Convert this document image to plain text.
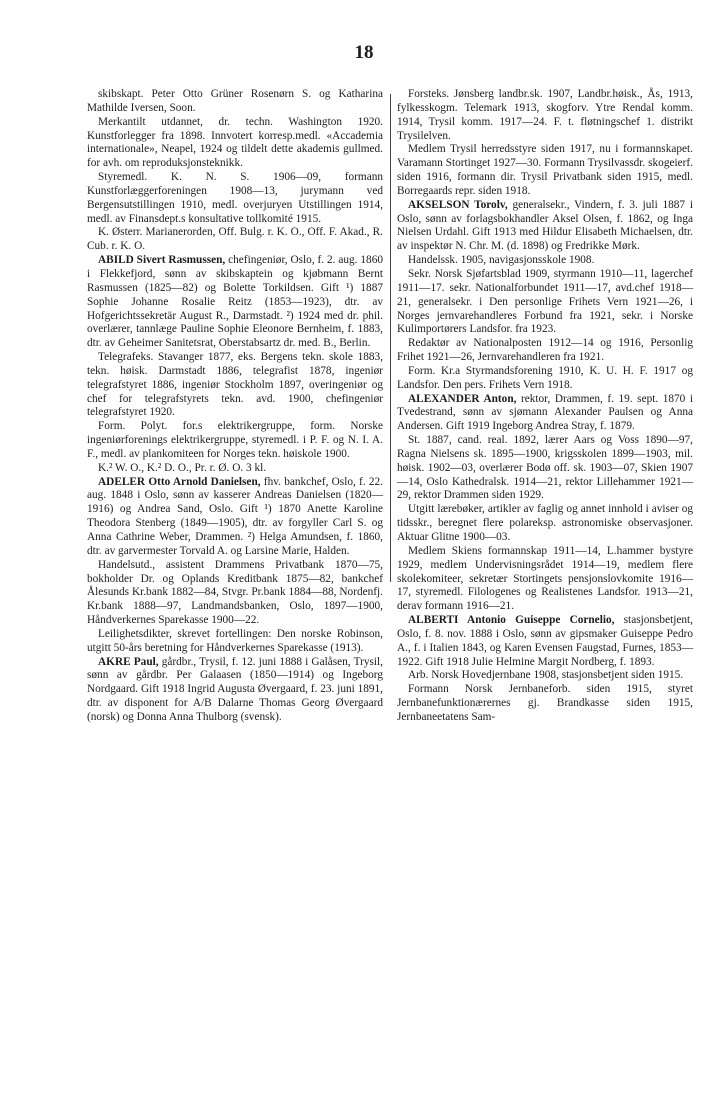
18

skibskapt. Peter Otto Grüner Rosenørn S. og Katharina Mathilde Iversen, Soon.

Merkantilt utdannet, dr. techn. Washington 1920. Kunstforlegger fra 1898. Innvotert korresp.medl. «Accademia internationale», Neapel, 1924 og tildelt dette akademis gullmed. for avh. om reproduksjonsteknikk.

Styremedl. K. N. S. 1906—09, formann Kunstforlæggerforeningen 1908—13, jurymann ved Bergensutstillingen 1910, medl. overjuryen Utstillingen 1914, medl. av Finansdept.s konsultative tollkomité 1915.

K. Østerr. Marianerorden, Off. Bulg. r. K. O., Off. F. Akad., R. Cub. r. K. O.

ABILD Sivert Rasmussen, chefingeniør, Oslo, f. 2. aug. 1860 i Flekkefjord, sønn av skibskaptein og kjøbmann Bernt Rasmussen (1825—82) og Bolette Torkildsen. Gift ¹) 1887 Sophie Johanne Rosalie Reitz (1853—1923), dtr. av Hofgerichtssekretär August R., Darmstadt. ²) 1924 med dr. phil. overlærer, tannlæge Pauline Sophie Eleonore Bernheim, f. 1883, dtr. av Geheimer Sanitetsrat, Oberstabsartz dr. med. B., Berlin.

Telegrafeks. Stavanger 1877, eks. Bergens tekn. skole 1883, tekn. høisk. Darmstadt 1886, telegrafist 1878, ingeniør telegrafstyret 1886, ingeniør Stockholm 1897, overingeniør og chef for telegrafstyrets tekn. avd. 1900, chefingeniør telegrafstyret 1920.

Form. Polyt. for.s elektrikergruppe, form. Norske ingeniørforenings elektrikergruppe, styremedl. i P. F. og N. I. A. F., medl. av plankomiteen for Norges tekn. høiskole 1900.

K.² W. O., K.² D. O., Pr. r. Ø. O. 3 kl.

ADELER Otto Arnold Danielsen, fhv. bankchef, Oslo, f. 22. aug. 1848 i Oslo, sønn av kasserer Andreas Danielsen (1820—1916) og Andrea Sand, Oslo. Gift ¹) 1870 Anette Karoline Theodora Stenberg (1849—1905), dtr. av forgyller Carl S. og Anna Cathrine Weber, Drammen. ²) Helga Amundsen, f. 1860, dtr. av garvermester Torvald A. og Larsine Marie, Halden.

Handelsutd., assistent Drammens Privatbank 1870—75, bokholder Dr. og Oplands Kreditbank 1875—82, bankchef Ålesunds Kr.bank 1882—84, Stvgr. Pr.bank 1884—88, Nordenfj. Kr.bank 1888—97, Landmandsbanken, Oslo, 1897—1900, Håndverkernes Sparekasse 1900—22.

Leilighetsdikter, skrevet fortellingen: Den norske Robinson, utgitt 50-års beretning for Håndverkernes Sparekasse (1913).

AKRE Paul, gårdbr., Trysil, f. 12. juni 1888 i Galåsen, Trysil, sønn av gårdbr. Per Galaasen (1850—1914) og Ingeborg Nordgaard. Gift 1918 Ingrid Augusta Øvergaard, f. 23. juni 1891, dtr. av disponent for A/B Dalarne Thomas Georg Øvergaard (norsk) og Donna Anna Thulborg (svensk).

Forsteks. Jønsberg landbr.sk. 1907, Landbr.høisk., Ås, 1913, fylkesskogm. Telemark 1913, skogforv. Ytre Rendal komm. 1914, Trysil komm. 1917—24. F. t. fløtningschef 1. distrikt Trysilelven.

Medlem Trysil herredsstyre siden 1917, nu i formannskapet. Varamann Stortinget 1927—30. Formann Trysilvassdr. skogeierf. siden 1916, formann dir. Trysil Privatbank siden 1915, medl. Borregaards repr. siden 1918.

AKSELSON Torolv, generalsekr., Vindern, f. 3. juli 1887 i Oslo, sønn av forlagsbokhandler Aksel Olsen, f. 1862, og Inga Nielsen Urdahl. Gift 1913 med Hildur Elisabeth Michaelsen, dtr. av inspektør N. Chr. M. (d. 1898) og Fredrikke Mørk.

Handelssk. 1905, navigasjonsskole 1908.

Sekr. Norsk Sjøfartsblad 1909, styrmann 1910—11, lagerchef 1911—17. sekr. Nationalforbundet 1911—17, avd.chef 1918—21, generalsekr. i Den personlige Frihets Vern 1921—26, i Norges jernvarehandleres Forbund fra 1921, sekr. i Norske Kulimportørers Landsfor. fra 1923.

Redaktør av Nationalposten 1912—14 og 1916, Personlig Frihet 1921—26, Jernvarehandleren fra 1921.

Form. Kr.a Styrmandsforening 1910, K. U. H. F. 1917 og Landsfor. Den pers. Frihets Vern 1918.

ALEXANDER Anton, rektor, Drammen, f. 19. sept. 1870 i Tvedestrand, sønn av sjømann Alexander Paulsen og Anna Andersen. Gift 1919 Ingeborg Andrea Stray, f. 1879.

St. 1887, cand. real. 1892, lærer Aars og Voss 1890—97, Ragna Nielsens sk. 1895—1900, krigsskolen 1899—1903, mil. høisk. 1902—03, overlærer Bodø off. sk. 1903—07, Skien 1907—14, Oslo Kathedralsk. 1914—21, rektor Lillehammer 1921—29, rektor Drammen siden 1929.

Utgitt lærebøker, artikler av faglig og annet innhold i aviser og tidsskr., beregnet flere polareksp. astronomiske observasjoner. Aktuar Glitne 1900—03.

Medlem Skiens formannskap 1911—14, L.hammer bystyre 1929, medlem Undervisningsrådet 1914—19, medlem flere skolekomiteer, sekretær Stortingets pensjonslovkomite 1916—17, styremedl. Filologenes og Realistenes Landsfor. 1913—21, derav formann 1916—21.

ALBERTI Antonio Guiseppe Cornelio, stasjonsbetjent, Oslo, f. 8. nov. 1888 i Oslo, sønn av gipsmaker Guiseppe Pedro A., f. i Italien 1843, og Karen Evensen Faugstad, Furnes, 1853—1922. Gift 1918 Julie Helmine Margit Nordberg, f. 1893.

Arb. Norsk Hovedjernbane 1908, stasjonsbetjent siden 1915.

Formann Norsk Jernbaneforb. siden 1915, styret Jernbanefunktionærernes gj. Brandkasse siden 1915, Jernbaneetatens Sam-
